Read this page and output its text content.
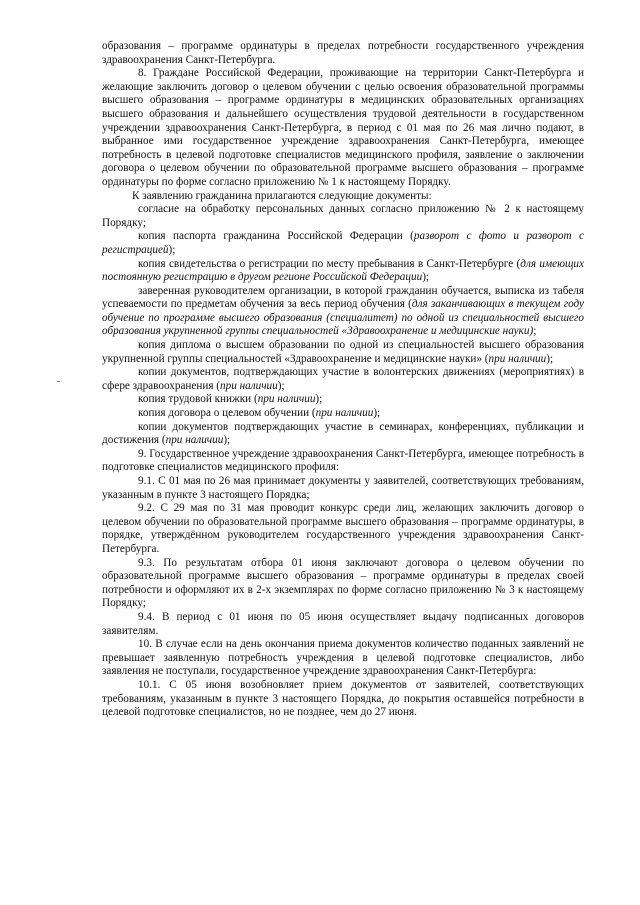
образования – программе ординатуры в пределах потребности государственного учреждения здравоохранения Санкт-Петербурга.

8. Граждане Российской Федерации, проживающие на территории Санкт-Петербурга и желающие заключить договор о целевом обучении с целью освоения образовательной программы высшего образования – программе ординатуры в медицинских образовательных организациях высшего образования и дальнейшего осуществления трудовой деятельности в государственном учреждении здравоохранения Санкт-Петербурга, в период с 01 мая по 26 мая лично подают, в выбранное ими государственное учреждение здравоохранения Санкт-Петербурга, имеющее потребность в целевой подготовке специалистов медицинского профиля, заявление о заключении договора о целевом обучении по образовательной программе высшего образования – программе ординатуры по форме согласно приложению № 1 к настоящему Порядку.

К заявлению гражданина прилагаются следующие документы:

согласие на обработку персональных данных согласно приложению № 2 к настоящему Порядку;

копия паспорта гражданина Российской Федерации (разворот с фото и разворот с регистрацией);

копия свидетельства о регистрации по месту пребывания в Санкт-Петербурге (для имеющих постоянную регистрацию в другом регионе Российской Федерации);

заверенная руководителем организации, в которой гражданин обучается, выписка из табеля успеваемости по предметам обучения за весь период обучения (для заканчивающих в текущем году обучение по программе высшего образования (специалитет) по одной из специальностей высшего образования укрупненной группы специальностей «Здравоохранение и медицинские науки);

копия диплома о высшем образовании по одной из специальностей высшего образования укрупненной группы специальностей «Здравоохранение и медицинские науки» (при наличии);

копии документов, подтверждающих участие в волонтерских движениях (мероприятиях) в сфере здравоохранения (при наличии);

копия трудовой книжки (при наличии);

копия договора о целевом обучении (при наличии);

копии документов подтверждающих участие в семинарах, конференциях, публикации и достижения (при наличии);

9. Государственное учреждение здравоохранения Санкт-Петербурга, имеющее потребность в подготовке специалистов медицинского профиля:

9.1. С 01 мая по 26 мая принимает документы у заявителей, соответствующих требованиям, указанным в пункте 3 настоящего Порядка;

9.2. С 29 мая по 31 мая проводит конкурс среди лиц, желающих заключить договор о целевом обучении по образовательной программе высшего образования – программе ординатуры, в порядке, утверждённом руководителем государственного учреждения здравоохранения Санкт-Петербурга.

9.3. По результатам отбора 01 июня заключают договора о целевом обучении по образовательной программе высшего образования – программе ординатуры в пределах своей потребности и оформляют их в 2-х экземплярах по форме согласно приложению № 3 к настоящему Порядку;

9.4. В период с 01 июня по 05 июня осуществляет выдачу подписанных договоров заявителям.

10. В случае если на день окончания приема документов количество поданных заявлений не превышает заявленную потребность учреждения в целевой подготовке специалистов, либо заявления не поступали, государственное учреждение здравоохранения Санкт-Петербурга:

10.1. С 05 июня возобновляет прием документов от заявителей, соответствующих требованиям, указанным в пункте 3 настоящего Порядка, до покрытия оставшейся потребности в целевой подготовке специалистов, но не позднее, чем до 27 июня.
